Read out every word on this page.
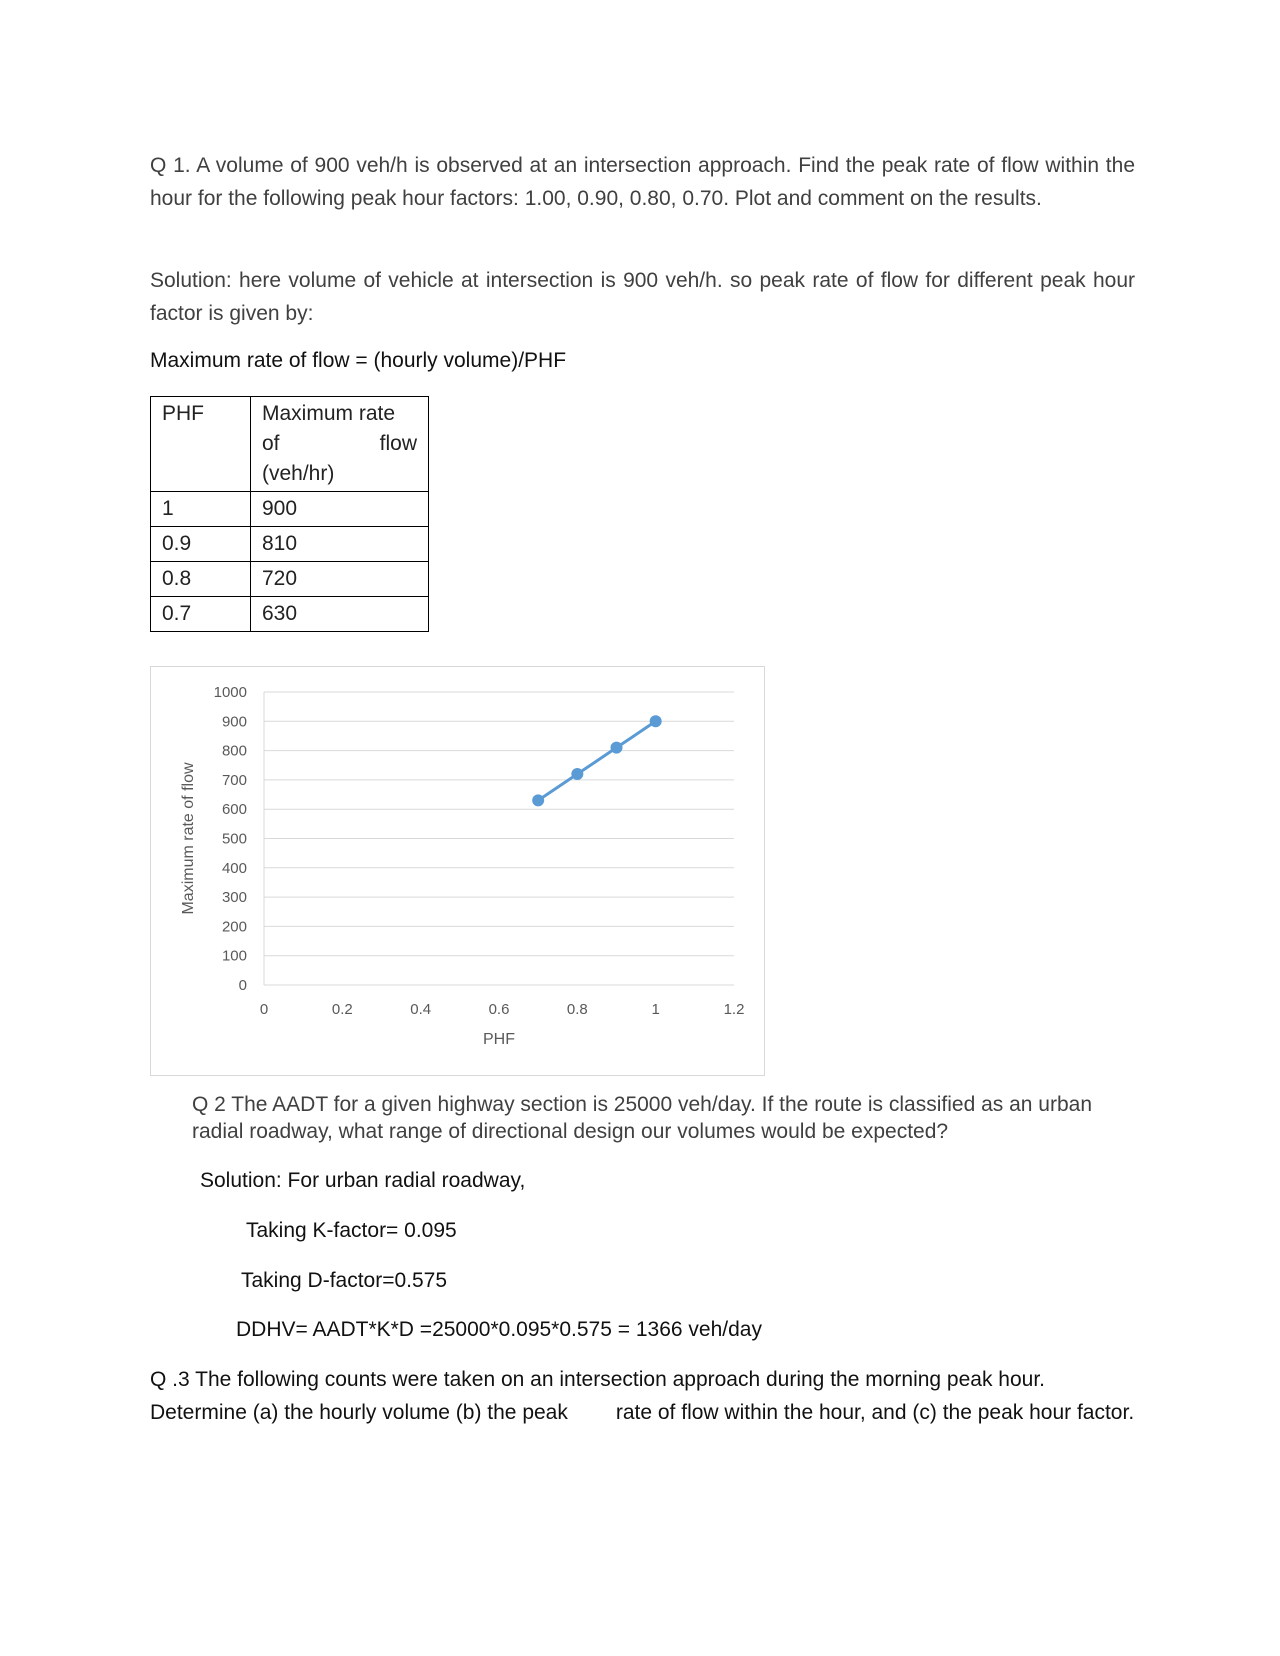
Q 1. A volume of 900 veh/h is observed at an intersection approach. Find the peak rate of flow within the hour for the following peak hour factors: 1.00, 0.90, 0.80, 0.70. Plot and comment on the results.

Solution: here volume of vehicle at intersection is 900 veh/h. so peak rate of flow for different peak hour factor is given by:

Maximum rate of flow = (hourly volume)/PHF

PHF	Maximum rate
of flow
(veh/hr)

1	900
0.9	810
0.8	720
0.7	630
0
100
200
300
400
500
600
700
800
900
1000
0	0.2	0.4	0.6	0.8	1	1.2
PHF
Maximum rate of flow

Q 2 The AADT for a given highway section is 25000 veh/day. If the route is classified as an urban radial roadway, what range of directional design our volumes would be expected?

Solution: For urban radial roadway,

Taking K-factor= 0.095

Taking D-factor=0.575

DDHV= AADT*K*D =25000*0.095*0.575 = 1366 veh/day

Q .3 The following counts were taken on an intersection approach during the morning peak hour. Determine (a) the hourly volume (b) the peak rate of flow within the hour, and (c) the peak hour factor.
